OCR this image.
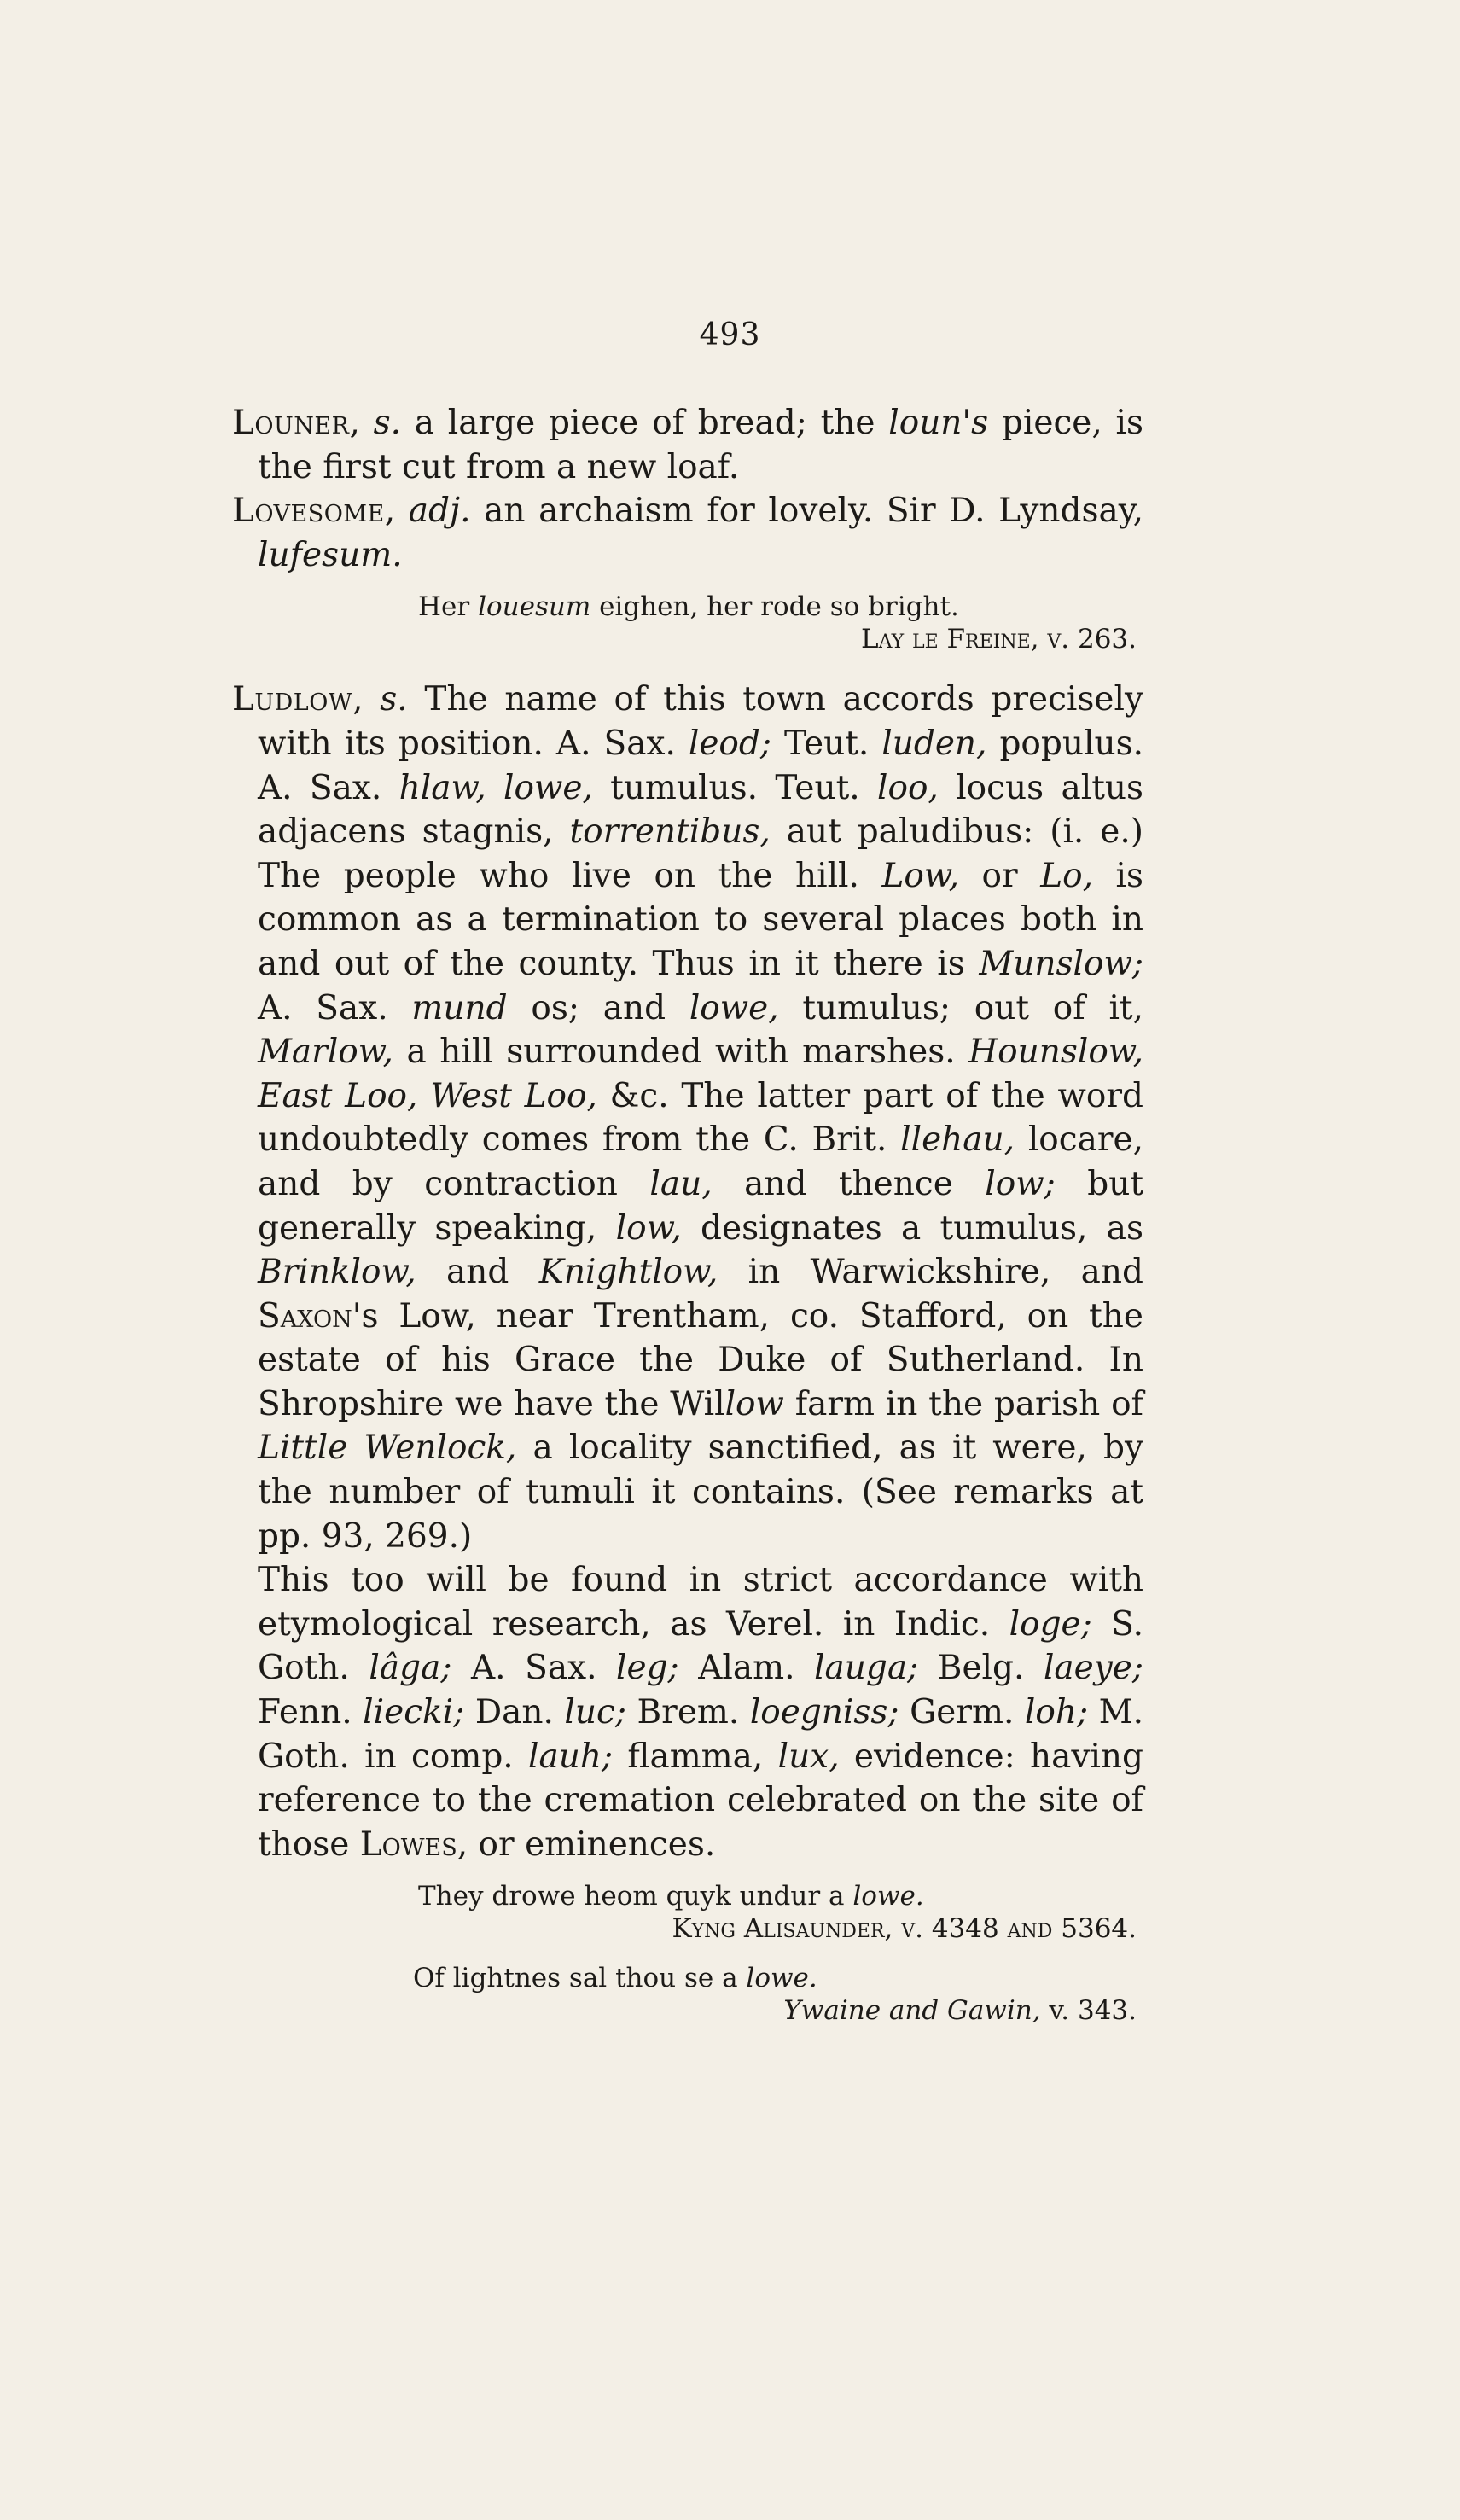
493

Louner, s. a large piece of bread; the loun's piece, is the first cut from a new loaf.

Lovesome, adj. an archaism for lovely. Sir D. Lyndsay, lufesum.

Her louesum eighen, her rode so bright.
Lay le Freine, v. 263.

Ludlow, s. The name of this town accords precisely with its position. A. Sax. leod; Teut. luden, populus. A. Sax. hlaw, lowe, tumulus. Teut. loo, locus altus adjacens stagnis, torrentibus, aut paludibus: (i. e.) The people who live on the hill. Low, or Lo, is common as a termination to several places both in and out of the county. Thus in it there is Munslow; A. Sax. mund os; and lowe, tumulus; out of it, Marlow, a hill surrounded with marshes. Hounslow, East Loo, West Loo, &c. The latter part of the word undoubtedly comes from the C. Brit. llehau, locare, and by contraction lau, and thence low; but generally speaking, low, designates a tumulus, as Brinklow, and Knightlow, in Warwickshire, and Saxon's Low, near Trentham, co. Stafford, on the estate of his Grace the Duke of Sutherland. In Shropshire we have the Willow farm in the parish of Little Wenlock, a locality sanctified, as it were, by the number of tumuli it contains. (See remarks at pp. 93, 269.)

This too will be found in strict accordance with etymological research, as Verel. in Indic. loge; S. Goth. lâga; A. Sax. leg; Alam. lauga; Belg. laeye; Fenn. liecki; Dan. luc; Brem. loegniss; Germ. loh; M. Goth. in comp. lauh; flamma, lux, evidence: having reference to the cremation celebrated on the site of those Lowes, or eminences.

They drowe heom quyk undur a lowe.
Kyng Alisaunder, v. 4348 and 5364.
Of lightnes sal thou se a lowe.
Ywaine and Gawin, v. 343.
